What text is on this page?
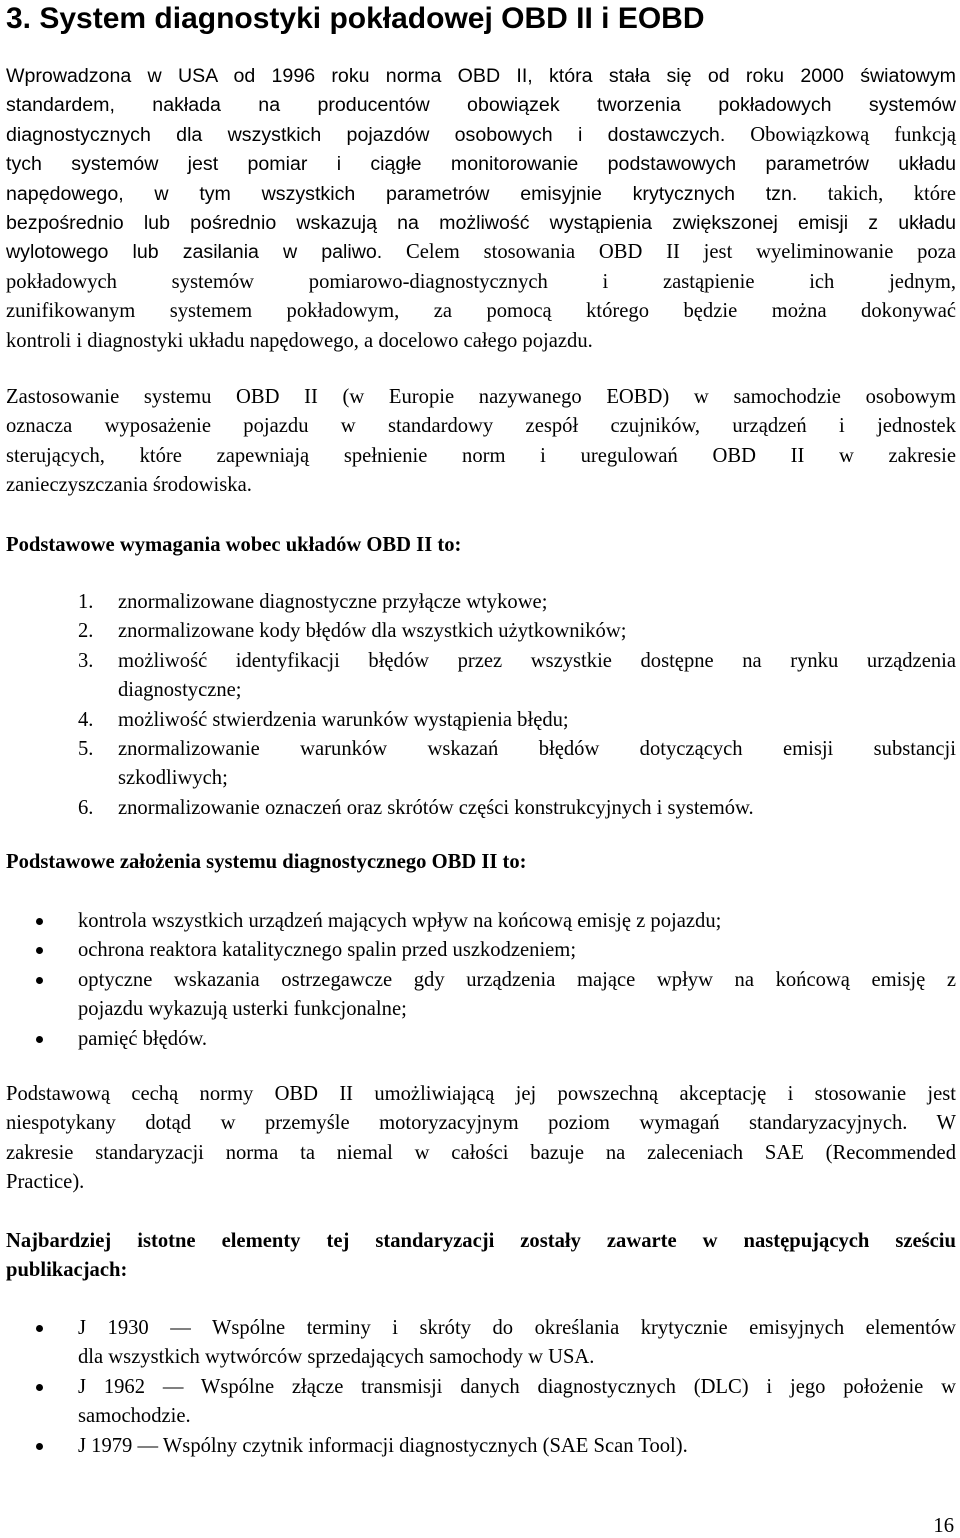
3. System diagnostyki pokładowej OBD II i EOBD
Wprowadzona w USA od 1996 roku norma OBD II, która stała się od roku 2000 światowym
standardem, nakłada na producentów obowiązek tworzenia pokładowych systemów
diagnostycznych dla wszystkich pojazdów osobowych i dostawczych. Obowiązkową funkcją
tych systemów jest pomiar i ciągłe monitorowanie podstawowych parametrów układu
napędowego, w tym wszystkich parametrów emisyjnie krytycznych tzn. takich, które
bezpośrednio lub pośrednio wskazują na możliwość wystąpienia zwiększonej emisji z układu
wylotowego lub zasilania w paliwo. Celem stosowania OBD II jest wyeliminowanie poza
pokładowych systemów pomiarowo-diagnostycznych i zastąpienie ich jednym,
zunifikowanym systemem pokładowym, za pomocą którego będzie można dokonywać
kontroli i diagnostyki układu napędowego, a docelowo całego pojazdu.
Zastosowanie systemu OBD II (w Europie nazywanego EOBD) w samochodzie osobowym
oznacza wyposażenie pojazdu w standardowy zespół czujników, urządzeń i jednostek
sterujących, które zapewniają spełnienie norm i uregulowań OBD II w zakresie
zanieczyszczania środowiska.

Podstawowe wymagania wobec układów OBD II to:

1. znormalizowane diagnostyczne przyłącze wtykowe;
2. znormalizowane kody błędów dla wszystkich użytkowników;
3. możliwość identyfikacji błędów przez wszystkie dostępne na rynku urządzenia
diagnostyczne;
4. możliwość stwierdzenia warunków wystąpienia błędu;
5. znormalizowanie warunków wskazań błędów dotyczących emisji substancji
szkodliwych;
6. znormalizowanie oznaczeń oraz skrótów części konstrukcyjnych i systemów.

Podstawowe założenia systemu diagnostycznego OBD II to:

kontrola wszystkich urządzeń mających wpływ na końcową emisję z pojazdu;
ochrona reaktora katalitycznego spalin przed uszkodzeniem;
optyczne wskazania ostrzegawcze gdy urządzenia mające wpływ na końcową emisję z
pojazdu wykazują usterki funkcjonalne;
pamięć błędów.
Podstawową cechą normy OBD II umożliwiającą jej powszechną akceptację i stosowanie jest
niespotykany dotąd w przemyśle motoryzacyjnym poziom wymagań standaryzacyjnych. W
zakresie standaryzacji norma ta niemal w całości bazuje na zaleceniach SAE (Recommended
Practice).
Najbardziej istotne elementy tej standaryzacji zostały zawarte w następujących sześciu
publikacjach:
J 1930 — Wspólne terminy i skróty do określania krytycznie emisyjnych elementów
dla wszystkich wytwórców sprzedających samochody w USA.
J 1962 — Wspólne złącze transmisji danych diagnostycznych (DLC) i jego położenie w
samochodzie.
J 1979 — Wspólny czytnik informacji diagnostycznych (SAE Scan Tool).

16
